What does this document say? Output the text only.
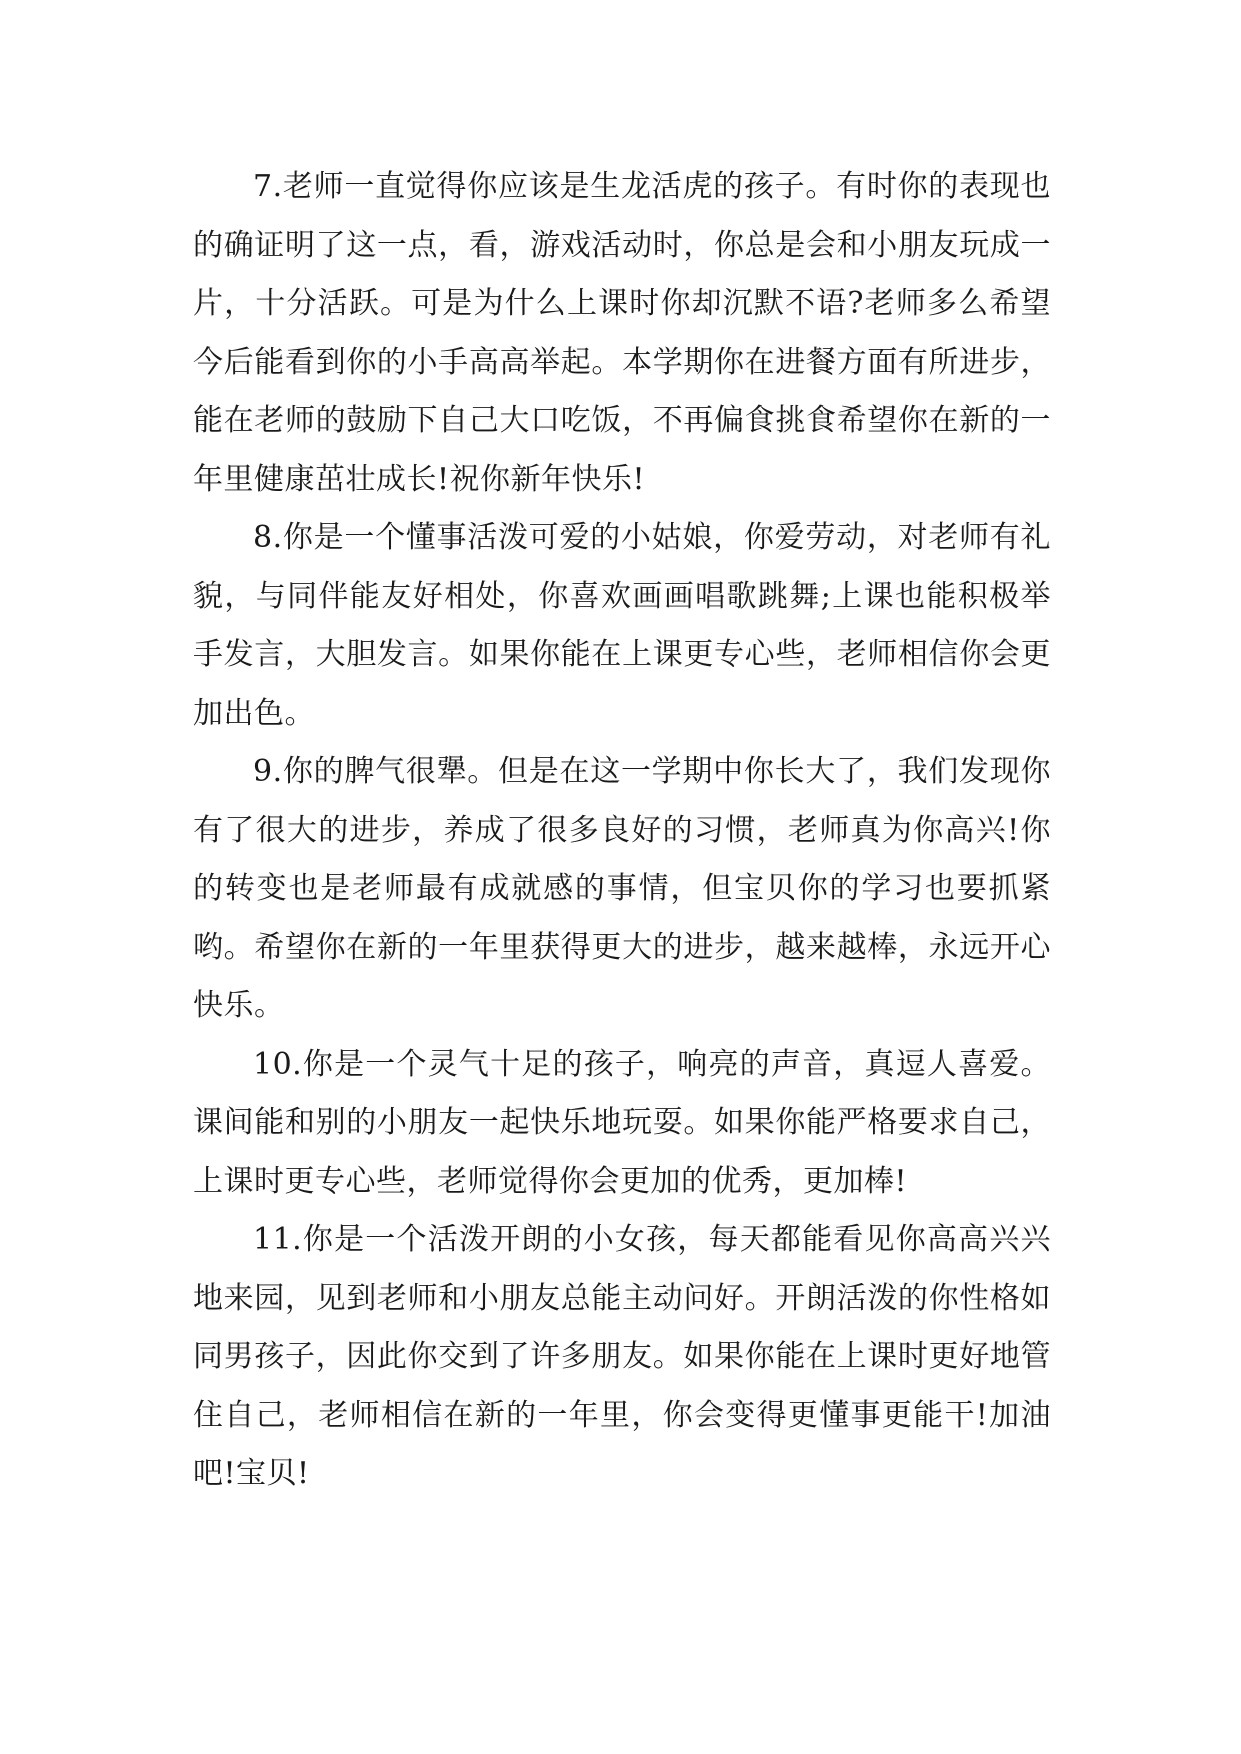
7.老师一直觉得你应该是生龙活虎的孩子。有时你的表现也的确证明了这一点，看，游戏活动时，你总是会和小朋友玩成一片，十分活跃。可是为什么上课时你却沉默不语?老师多么希望今后能看到你的小手高高举起。本学期你在进餐方面有所进步，能在老师的鼓励下自己大口吃饭，不再偏食挑食希望你在新的一年里健康茁壮成长!祝你新年快乐!

8.你是一个懂事活泼可爱的小姑娘，你爱劳动，对老师有礼貌，与同伴能友好相处，你喜欢画画唱歌跳舞;上课也能积极举手发言，大胆发言。如果你能在上课更专心些，老师相信你会更加出色。

9.你的脾气很犟。但是在这一学期中你长大了，我们发现你有了很大的进步，养成了很多良好的习惯，老师真为你高兴!你的转变也是老师最有成就感的事情，但宝贝你的学习也要抓紧哟。希望你在新的一年里获得更大的进步，越来越棒，永远开心快乐。

10.你是一个灵气十足的孩子，响亮的声音，真逗人喜爱。课间能和别的小朋友一起快乐地玩耍。如果你能严格要求自己，上课时更专心些，老师觉得你会更加的优秀，更加棒!

11.你是一个活泼开朗的小女孩，每天都能看见你高高兴兴地来园，见到老师和小朋友总能主动问好。开朗活泼的你性格如同男孩子，因此你交到了许多朋友。如果你能在上课时更好地管住自己，老师相信在新的一年里，你会变得更懂事更能干!加油吧!宝贝!
